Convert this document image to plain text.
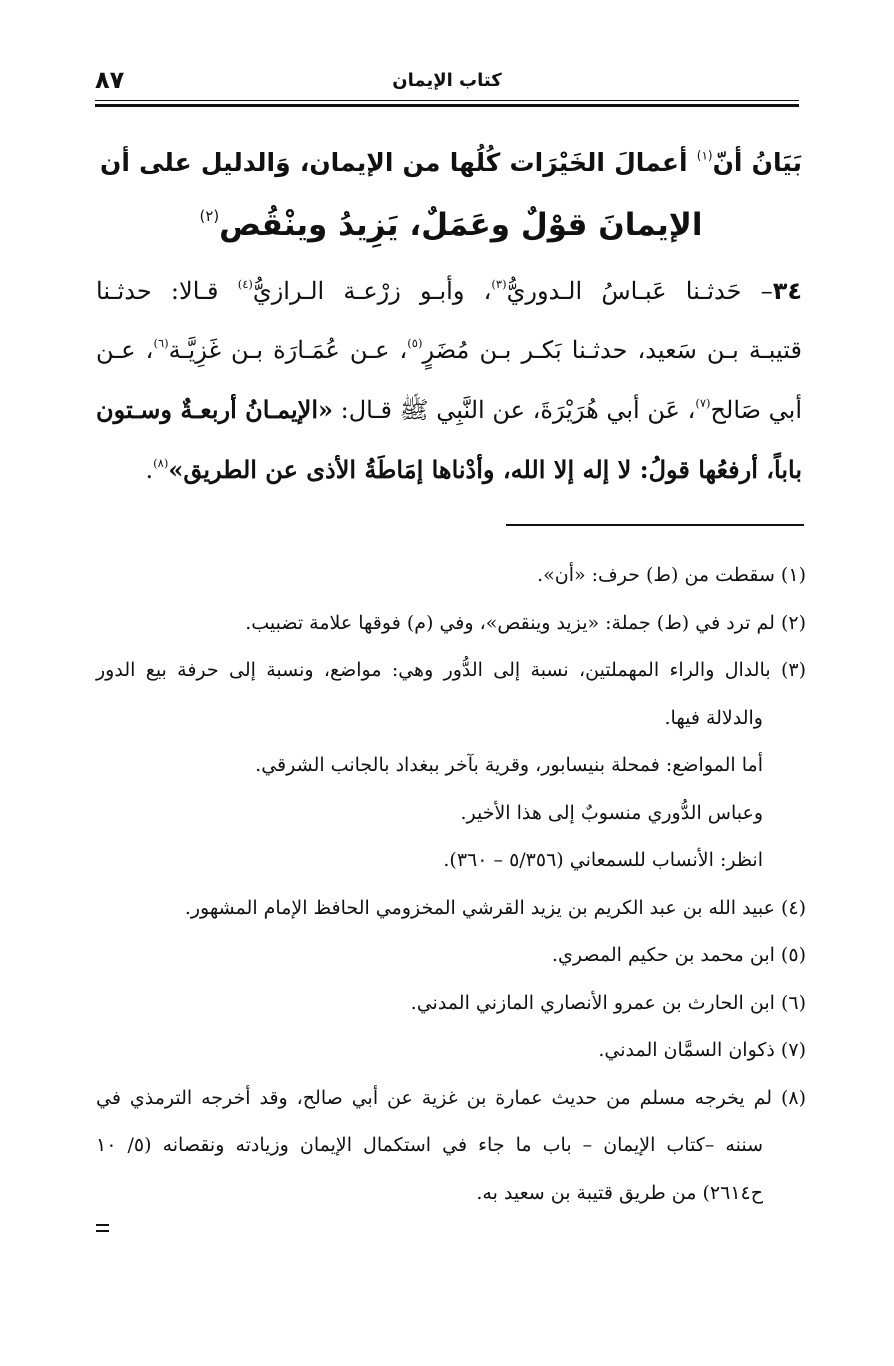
كتاب الإيمان
٨٧
بَيَانُ أنّ$^{(١)}$ أعمالَ الخَيْرَات كُلُها من الإيمان، وَالدليل على أن
الإيمانَ قوْلٌ وعَمَلٌ، يَزِيدُ وينْقُص$^{(٢)}$
٣٤– حَدثـنا عَبـاسُ الـدوريُّ$^{(٣)}$، وأبـو زرْعـة الـرازيُّ$^{(٤)}$ قـالا: حدثـنا
قتيبـة بـن سَعيد، حدثـنا بَكـر بـن مُضَرٍ$^{(٥)}$، عـن عُمَـارَة بـن غَزِيَّـة$^{(٦)}$، عـن
أبي صَالح$^{(٧)}$، عَن أبي هُرَيْرَةَ، عن النَّبِي ﷺ قـال: «الإيمـانُ أربعـةٌ وسـتون
باباً، أرفعُها قولُ: لا إله إلا الله، وأدْناها إمَاطَةُ الأذى عن الطريق»$^{(٨)}$.
(١) سقطت من (ط) حرف: «أن».
(٢) لم ترد في (ط) جملة: «يزيد وينقص»، وفي (م) فوقها علامة تضبيب.
(٣) بالدال والراء المهملتين، نسبة إلى الدُّور وهي: مواضع، ونسبة إلى حرفة بيع الدور
والدلالة فيها.
أما المواضع: فمحلة بنيسابور، وقرية بآخر ببغداد بالجانب الشرقي.
وعباس الدُّوري منسوبٌ إلى هذا الأخير.
انظر: الأنساب للسمعاني (٥/٣٥٦ – ٣٦٠).
(٤) عبيد الله بن عبد الكريم بن يزيد القرشي المخزومي الحافظ الإمام المشهور.
(٥) ابن محمد بن حكيم المصري.
(٦) ابن الحارث بن عمرو الأنصاري المازني المدني.
(٧) ذكوان السمَّان المدني.
(٨) لم يخرجه مسلم من حديث عمارة بن غزية عن أبي صالح، وقد أخرجه الترمذي في
سننه –كتاب الإيمان – باب ما جاء في استكمال الإيمان وزيادته ونقصانه (٥/ ١٠
ح٢٦١٤) من طريق قتيبة بن سعيد به.
